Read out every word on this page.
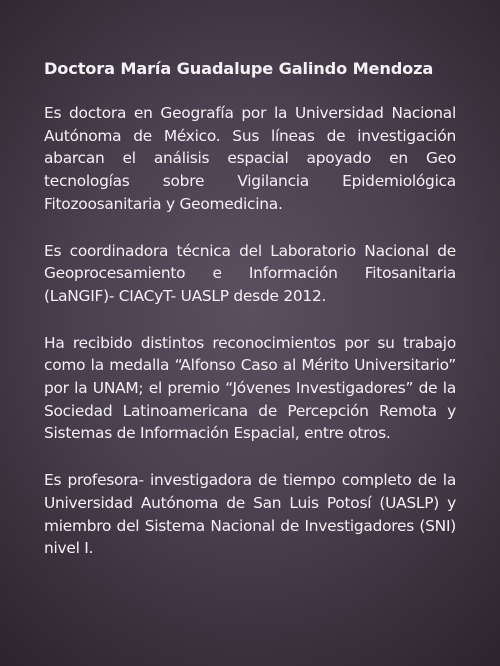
Doctora María Guadalupe Galindo Mendoza

Es doctora en Geografía por la Universidad Nacional Autónoma de México. Sus líneas de investigación abarcan el análisis espacial apoyado en Geo tecnologías sobre Vigilancia Epidemiológica Fitozoosanitaria y Geomedicina.

Es coordinadora técnica del Laboratorio Nacional de Geoprocesamiento e Información Fitosanitaria (LaNGIF)- CIACyT- UASLP desde 2012.

Ha recibido distintos reconocimientos por su trabajo como la medalla “Alfonso Caso al Mérito Universitario” por la UNAM; el premio “Jóvenes Investigadores” de la Sociedad Latinoamericana de Percepción Remota y Sistemas de Información Espacial, entre otros.

Es profesora- investigadora de tiempo completo de la Universidad Autónoma de San Luis Potosí (UASLP) y miembro del Sistema Nacional de Investigadores (SNI) nivel I.
